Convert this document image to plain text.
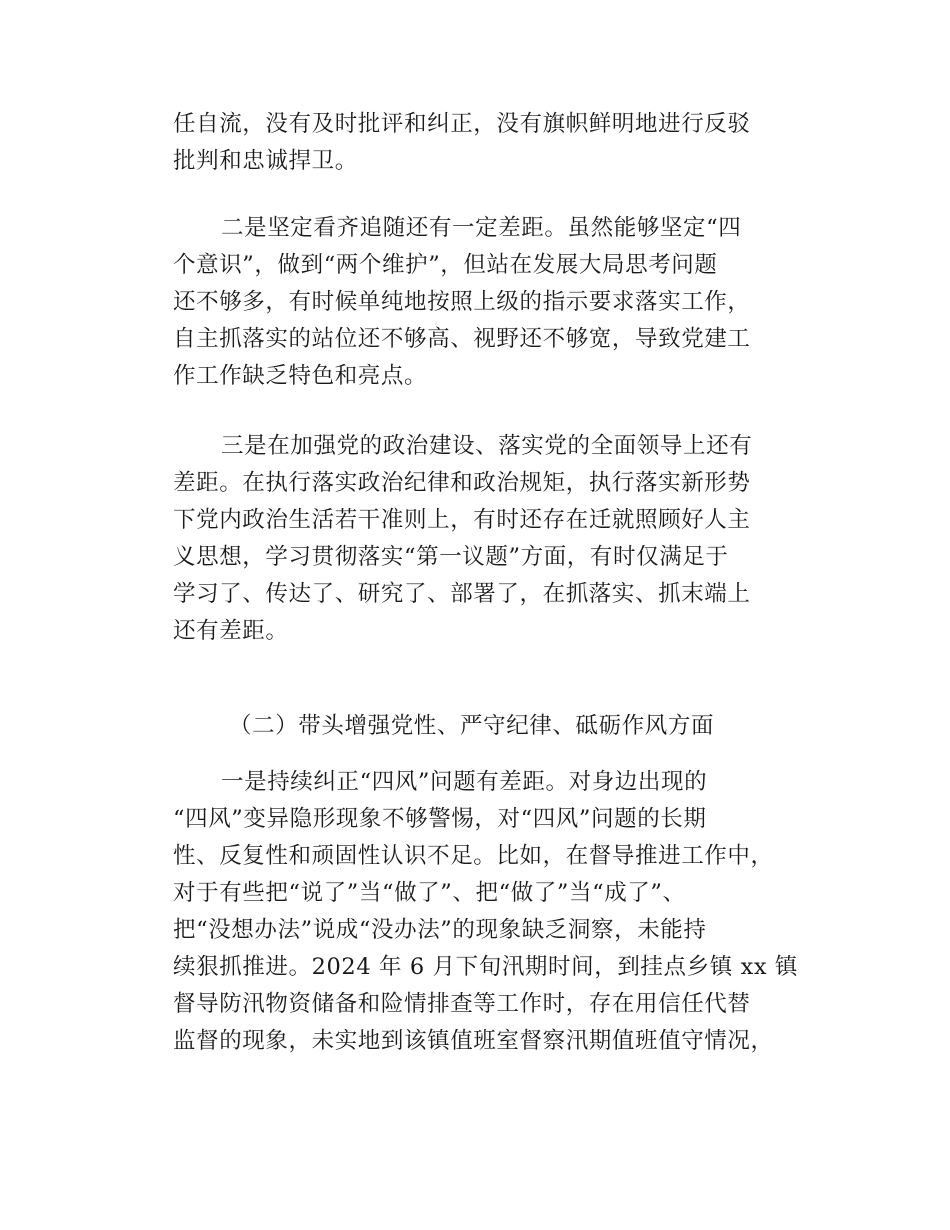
任自流，没有及时批评和纠正，没有旗帜鲜明地进行反驳
批判和忠诚捍卫。
二是坚定看齐追随还有一定差距。虽然能够坚定“四
个意识”，做到“两个维护”，但站在发展大局思考问题
还不够多，有时候单纯地按照上级的指示要求落实工作，
自主抓落实的站位还不够高、视野还不够宽，导致党建工
作工作缺乏特色和亮点。
三是在加强党的政治建设、落实党的全面领导上还有
差距。在执行落实政治纪律和政治规矩，执行落实新形势
下党内政治生活若干准则上，有时还存在迁就照顾好人主
义思想，学习贯彻落实“第一议题”方面，有时仅满足于
学习了、传达了、研究了、部署了，在抓落实、抓末端上
还有差距。
（二）带头增强党性、严守纪律、砥砺作风方面
一是持续纠正“四风”问题有差距。对身边出现的
“四风”变异隐形现象不够警惕，对“四风”问题的长期
性、反复性和顽固性认识不足。比如，在督导推进工作中，
对于有些把“说了”当“做了”、把“做了”当“成了”、
把“没想办法”说成“没办法”的现象缺乏洞察，未能持
续狠抓推进。2024 年 6 月下旬汛期时间，到挂点乡镇 xx 镇
督导防汛物资储备和险情排查等工作时，存在用信任代替
监督的现象，未实地到该镇值班室督察汛期值班值守情况，
